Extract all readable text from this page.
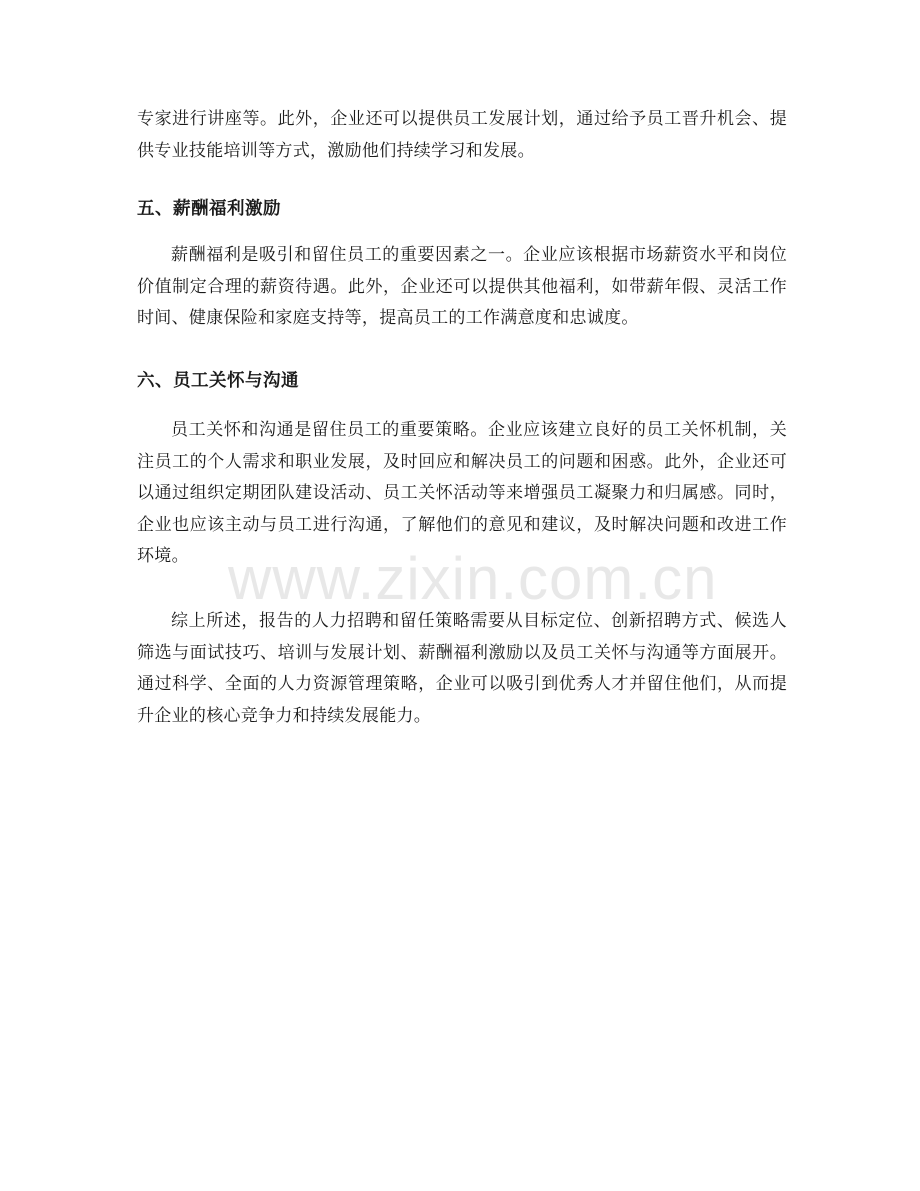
专家进行讲座等。此外，企业还可以提供员工发展计划，通过给予员工晋升机会、提供专业技能培训等方式，激励他们持续学习和发展。

五、薪酬福利激励

薪酬福利是吸引和留住员工的重要因素之一。企业应该根据市场薪资水平和岗位价值制定合理的薪资待遇。此外，企业还可以提供其他福利，如带薪年假、灵活工作时间、健康保险和家庭支持等，提高员工的工作满意度和忠诚度。

六、员工关怀与沟通

员工关怀和沟通是留住员工的重要策略。企业应该建立良好的员工关怀机制，关注员工的个人需求和职业发展，及时回应和解决员工的问题和困惑。此外，企业还可以通过组织定期团队建设活动、员工关怀活动等来增强员工凝聚力和归属感。同时，企业也应该主动与员工进行沟通，了解他们的意见和建议，及时解决问题和改进工作环境。

综上所述，报告的人力招聘和留任策略需要从目标定位、创新招聘方式、候选人筛选与面试技巧、培训与发展计划、薪酬福利激励以及员工关怀与沟通等方面展开。通过科学、全面的人力资源管理策略，企业可以吸引到优秀人才并留住他们，从而提升企业的核心竞争力和持续发展能力。

www.zixin.com.cn
